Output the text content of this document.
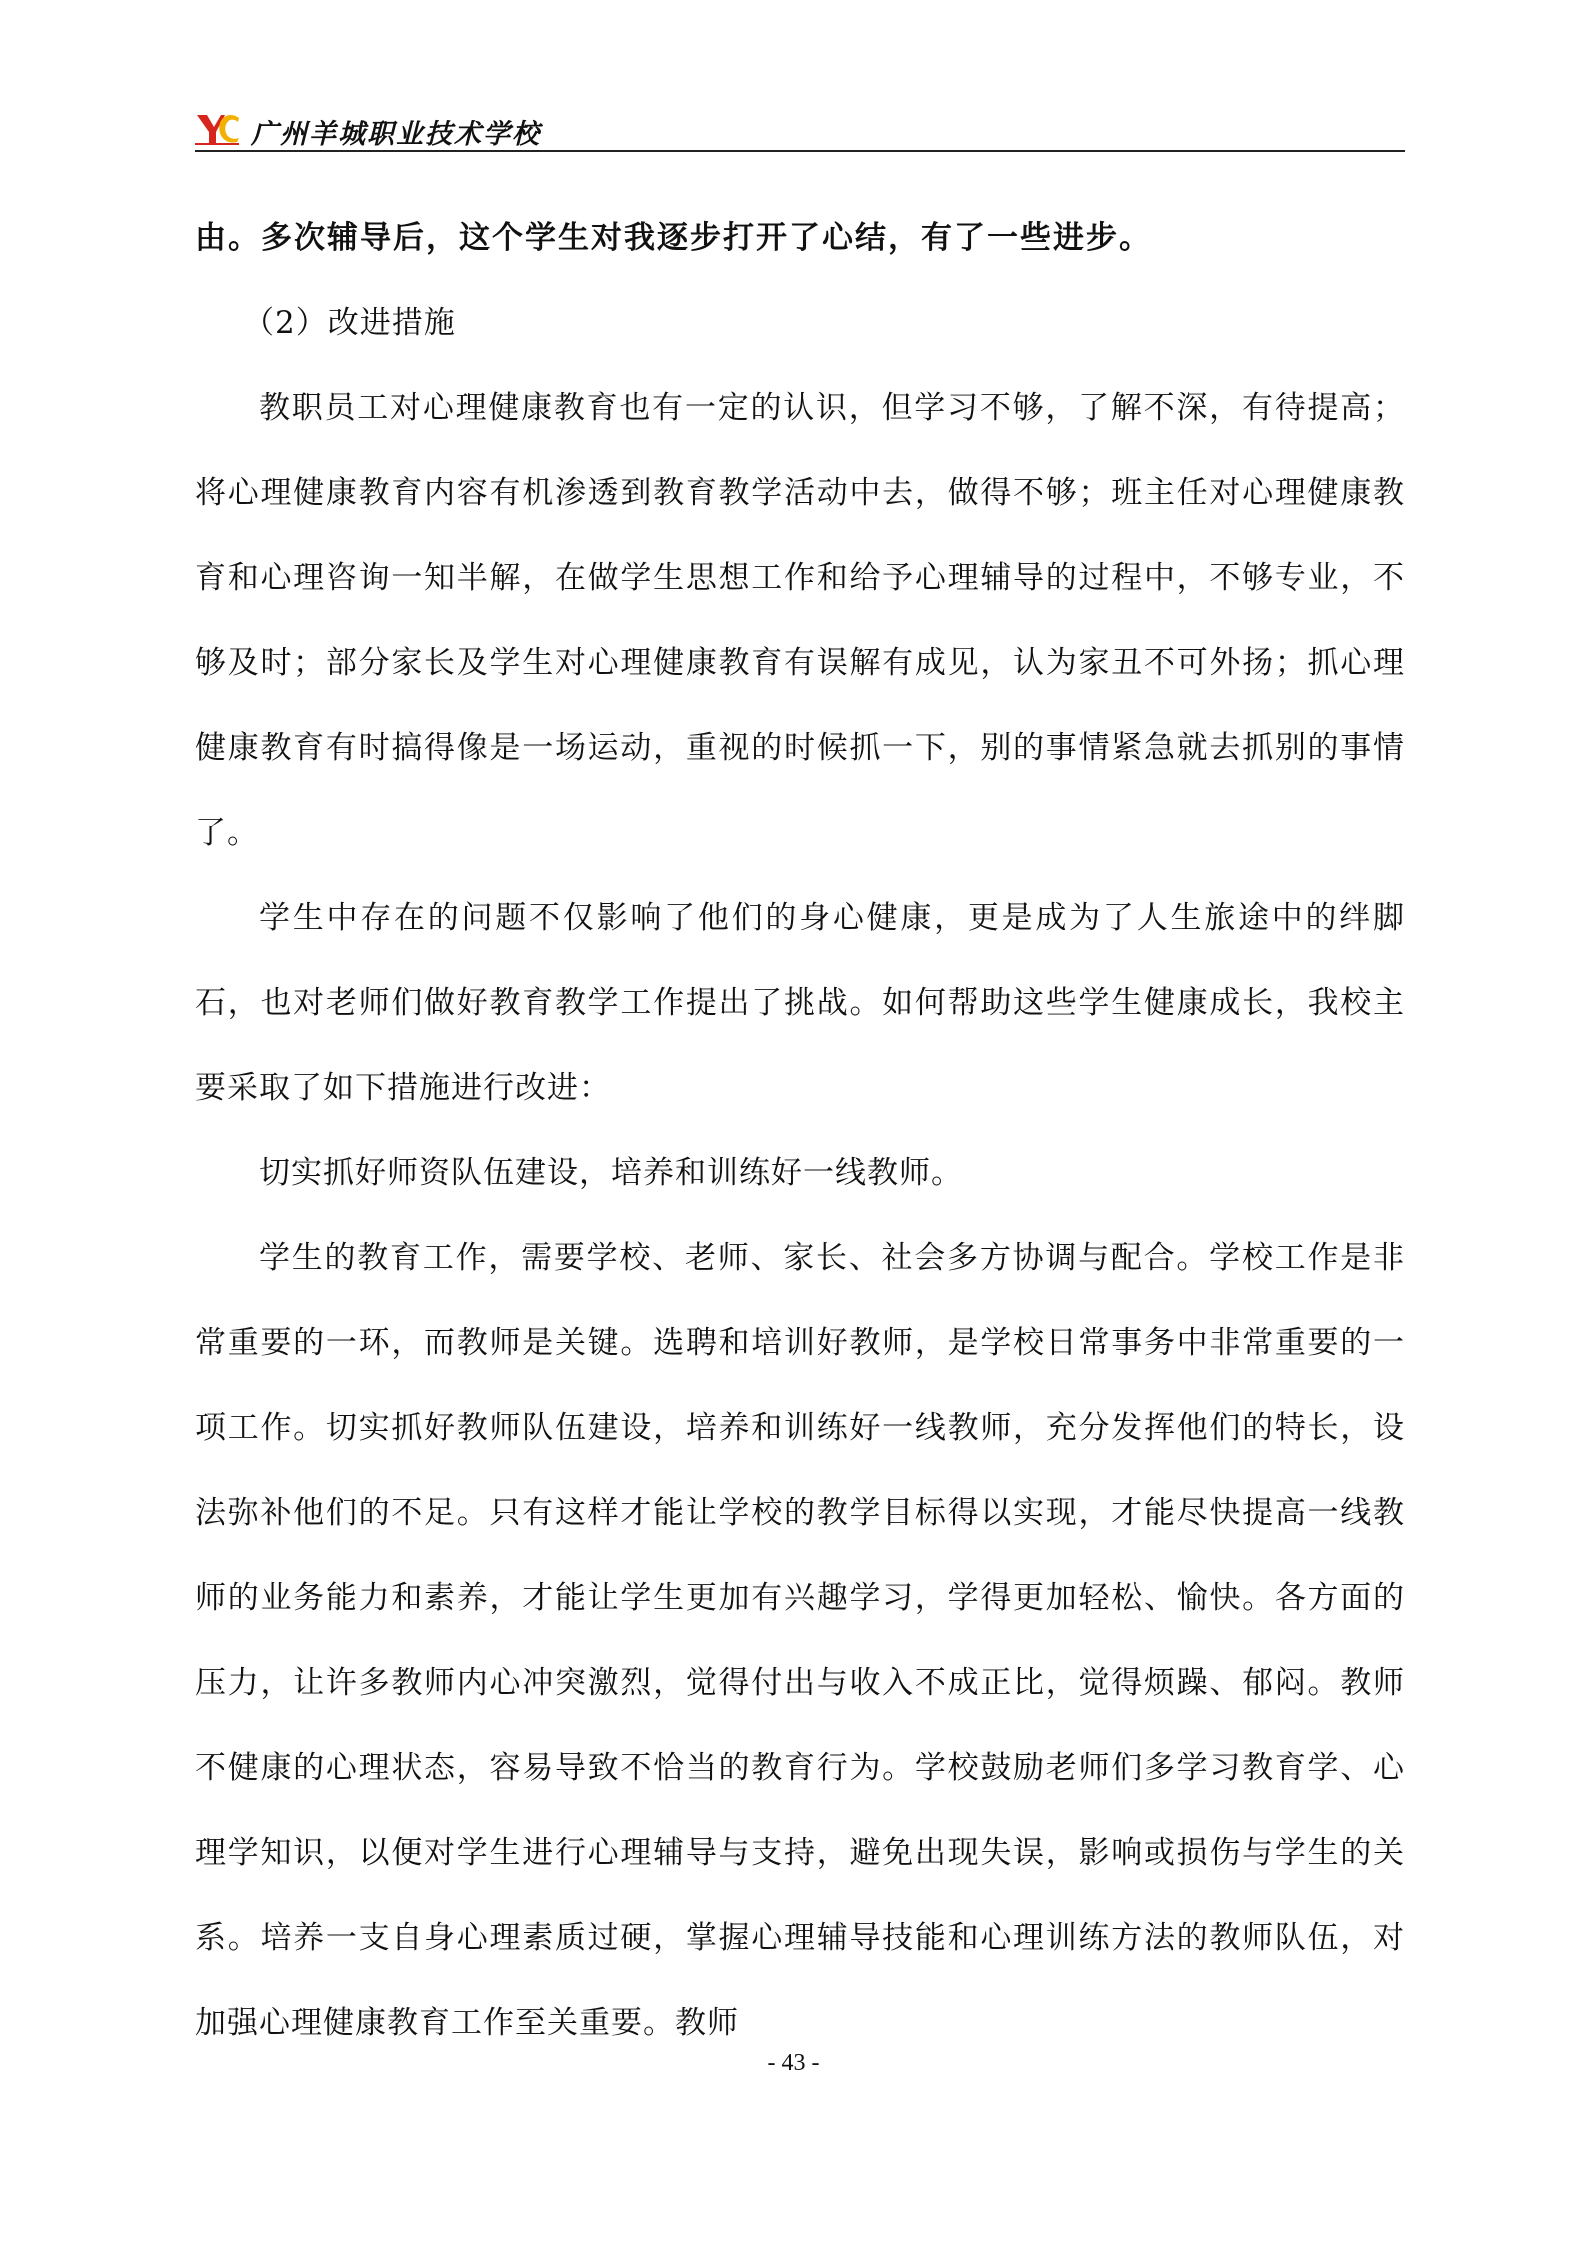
广州羊城职业技术学校

由。多次辅导后，这个学生对我逐步打开了心结，有了一些进步。

（2）改进措施

教职员工对心理健康教育也有一定的认识，但学习不够，了解不深，有待提高；将心理健康教育内容有机渗透到教育教学活动中去，做得不够；班主任对心理健康教育和心理咨询一知半解，在做学生思想工作和给予心理辅导的过程中，不够专业，不够及时；部分家长及学生对心理健康教育有误解有成见，认为家丑不可外扬；抓心理健康教育有时搞得像是一场运动，重视的时候抓一下，别的事情紧急就去抓别的事情了。

学生中存在的问题不仅影响了他们的身心健康，更是成为了人生旅途中的绊脚石，也对老师们做好教育教学工作提出了挑战。如何帮助这些学生健康成长，我校主要采取了如下措施进行改进：

切实抓好师资队伍建设，培养和训练好一线教师。

学生的教育工作，需要学校、老师、家长、社会多方协调与配合。学校工作是非常重要的一环，而教师是关键。选聘和培训好教师，是学校日常事务中非常重要的一项工作。切实抓好教师队伍建设，培养和训练好一线教师，充分发挥他们的特长，设法弥补他们的不足。只有这样才能让学校的教学目标得以实现，才能尽快提高一线教师的业务能力和素养，才能让学生更加有兴趣学习，学得更加轻松、愉快。各方面的压力，让许多教师内心冲突激烈，觉得付出与收入不成正比，觉得烦躁、郁闷。教师不健康的心理状态，容易导致不恰当的教育行为。学校鼓励老师们多学习教育学、心理学知识，以便对学生进行心理辅导与支持，避免出现失误，影响或损伤与学生的关系。培养一支自身心理素质过硬，掌握心理辅导技能和心理训练方法的教师队伍，对加强心理健康教育工作至关重要。教师

- 43 -
